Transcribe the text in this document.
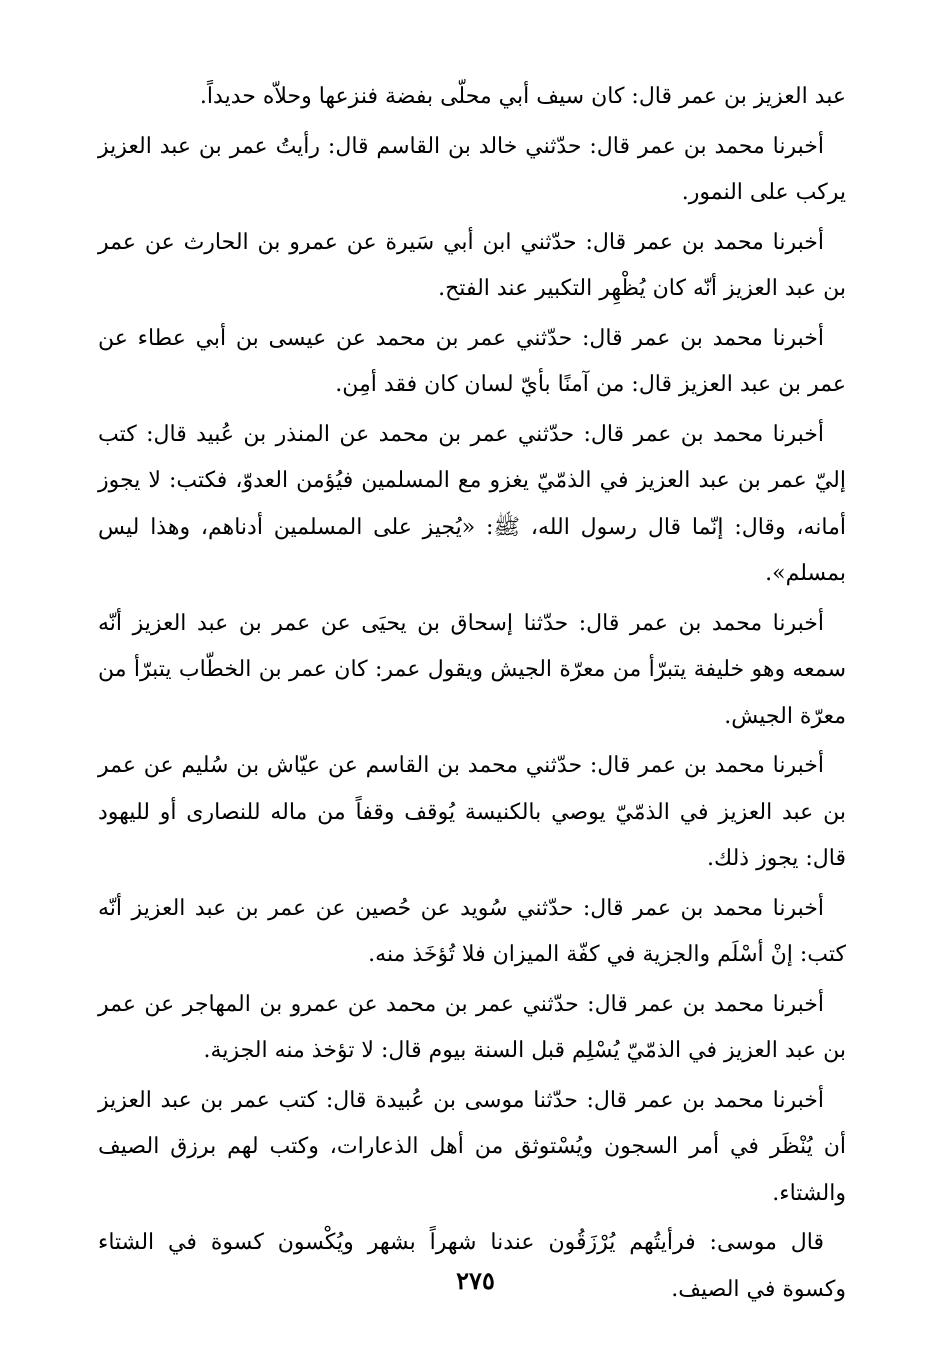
عبد العزيز بن عمر قال: كان سيف أبي محلّى بفضة فنزعها وحلاّه حديداً.

أخبرنا محمد بن عمر قال: حدّثني خالد بن القاسم قال: رأيتُ عمر بن عبد العزيز يركب على النمور.

أخبرنا محمد بن عمر قال: حدّثني ابن أبي سَيرة عن عمرو بن الحارث عن عمر بن عبد العزيز أنّه كان يُظْهِر التكبير عند الفتح.

أخبرنا محمد بن عمر قال: حدّثني عمر بن محمد عن عيسى بن أبي عطاء عن عمر بن عبد العزيز قال: من آمنًا بأيّ لسان كان فقد أمِن.

أخبرنا محمد بن عمر قال: حدّثني عمر بن محمد عن المنذر بن عُبيد قال: كتب إليّ عمر بن عبد العزيز في الذمّيّ يغزو مع المسلمين فيُؤمن العدوّ، فكتب: لا يجوز أمانه، وقال: إنّما قال رسول الله، ﷺ: «يُجيز على المسلمين أدناهم، وهذا ليس بمسلم».

أخبرنا محمد بن عمر قال: حدّثنا إسحاق بن يحيَى عن عمر بن عبد العزيز أنّه سمعه وهو خليفة يتبرّأ من معرّة الجيش ويقول عمر: كان عمر بن الخطّاب يتبرّأ من معرّة الجيش.

أخبرنا محمد بن عمر قال: حدّثني محمد بن القاسم عن عيّاش بن سُليم عن عمر بن عبد العزيز في الذمّيّ يوصي بالكنيسة يُوقف وقفاً من ماله للنصارى أو لليهود قال: يجوز ذلك.

أخبرنا محمد بن عمر قال: حدّثني سُويد عن حُصين عن عمر بن عبد العزيز أنّه كتب: إنْ أسْلَم والجزية في كفّة الميزان فلا تُؤخَذ منه.

أخبرنا محمد بن عمر قال: حدّثني عمر بن محمد عن عمرو بن المهاجر عن عمر بن عبد العزيز في الذمّيّ يُسْلِم قبل السنة بيوم قال: لا تؤخذ منه الجزية.

أخبرنا محمد بن عمر قال: حدّثنا موسى بن عُبيدة قال: كتب عمر بن عبد العزيز أن يُنْظَر في أمر السجون ويُسْتوثق من أهل الذعارات، وكتب لهم برزق الصيف والشتاء.

قال موسى: فرأيتُهم يُرْزَقُون عندنا شهراً بشهر ويُكْسون كسوة في الشتاء وكسوة في الصيف.

٢٧٥
